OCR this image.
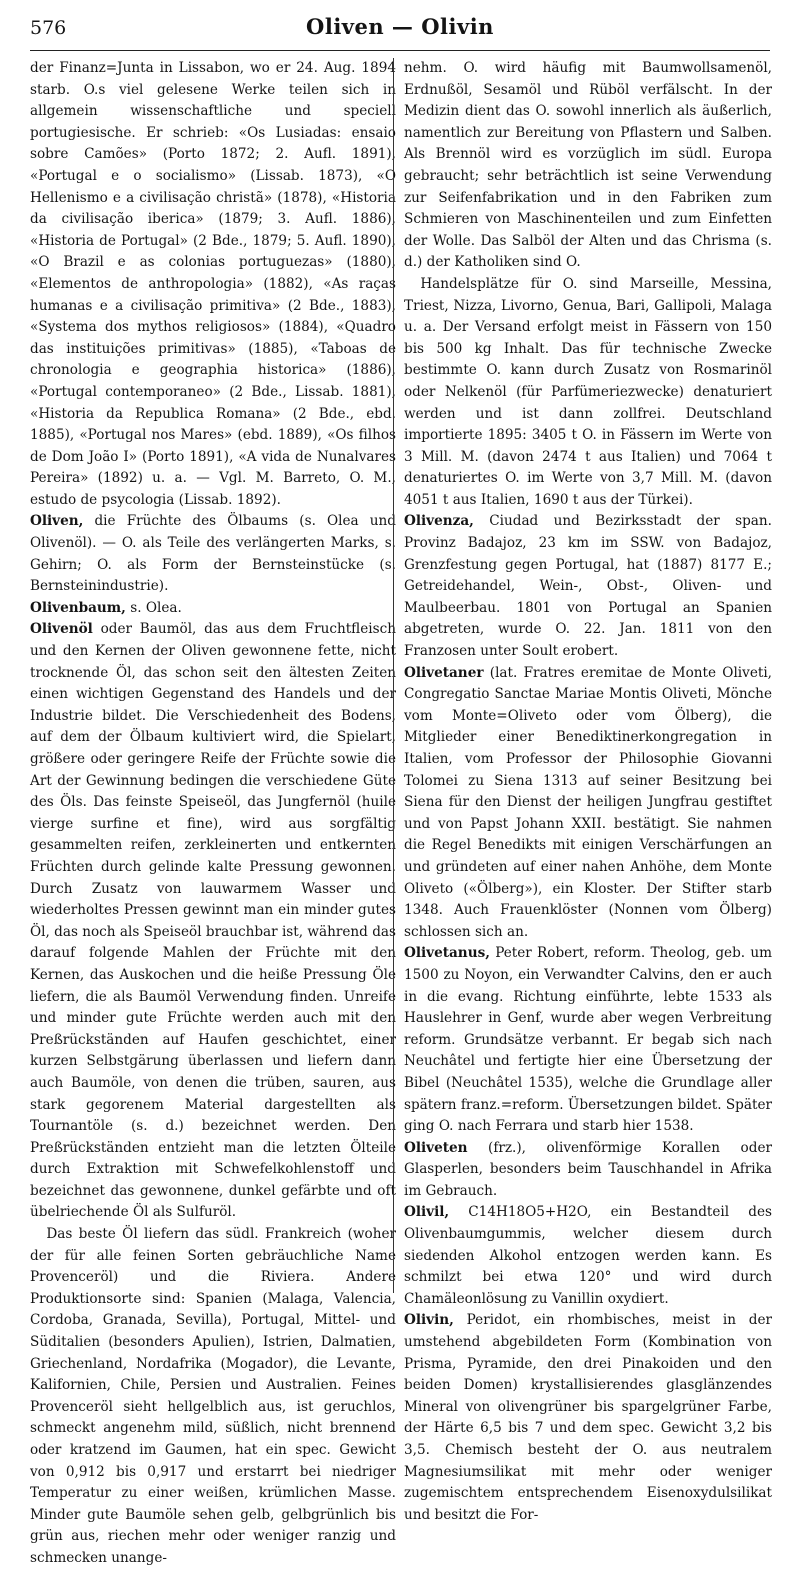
576	Oliven — Olivin

der Finanz=Junta in Lissabon, wo er 24. Aug. 1894 starb. O.s viel gelesene Werke teilen sich in allgemein wissenschaftliche und speciell portugiesische. Er schrieb: «Os Lusiadas: ensaio sobre Camões» (Porto 1872; 2. Aufl. 1891), «Portugal e o socialismo» (Lissab. 1873), «O Hellenismo e a civilisação christã» (1878), «Historia da civilisação iberica» (1879; 3. Aufl. 1886), «Historia de Portugal» (2 Bde., 1879; 5. Aufl. 1890), «O Brazil e as colonias portuguezas» (1880), «Elementos de anthropologia» (1882), «As raças humanas e a civilisação primitiva» (2 Bde., 1883), «Systema dos mythos religiosos» (1884), «Quadro das instituições primitivas» (1885), «Taboas de chronologia e geographia historica» (1886), «Portugal contemporaneo» (2 Bde., Lissab. 1881), «Historia da Republica Romana» (2 Bde., ebd. 1885), «Portugal nos Mares» (ebd. 1889), «Os filhos de Dom João I» (Porto 1891), «A vida de Nunalvares Pereira» (1892) u. a. — Vgl. M. Barreto, O. M., estudo de psycologia (Lissab. 1892).

Oliven, die Früchte des Ölbaums (s. Olea und Olivenöl). — O. als Teile des verlängerten Marks, s. Gehirn; O. als Form der Bernsteinstücke (s. Bernsteinindustrie).

Olivenbaum, s. Olea.

Olivenöl oder Baumöl, das aus dem Fruchtfleisch und den Kernen der Oliven gewonnene fette, nicht trocknende Öl, das schon seit den ältesten Zeiten einen wichtigen Gegenstand des Handels und der Industrie bildet. Die Verschiedenheit des Bodens, auf dem der Ölbaum kultiviert wird, die Spielart, größere oder geringere Reife der Früchte sowie die Art der Gewinnung bedingen die verschiedene Güte des Öls. Das feinste Speiseöl, das Jungfernöl (huile vierge surfine et fine), wird aus sorgfältig gesammelten reifen, zerkleinerten und entkernten Früchten durch gelinde kalte Pressung gewonnen. Durch Zusatz von lauwarmem Wasser und wiederholtes Pressen gewinnt man ein minder gutes Öl, das noch als Speiseöl brauchbar ist, während das darauf folgende Mahlen der Früchte mit den Kernen, das Auskochen und die heiße Pressung Öle liefern, die als Baumöl Verwendung finden. Unreife und minder gute Früchte werden auch mit den Preßrückständen auf Haufen geschichtet, einer kurzen Selbstgärung überlassen und liefern dann auch Baumöle, von denen die trüben, sauren, aus stark gegorenem Material dargestellten als Tournantöle (s. d.) bezeichnet werden. Den Preßrückständen entzieht man die letzten Ölteile durch Extraktion mit Schwefelkohlenstoff und bezeichnet das gewonnene, dunkel gefärbte und oft übelriechende Öl als Sulfuröl.

Das beste Öl liefern das südl. Frankreich (woher der für alle feinen Sorten gebräuchliche Name Provenceröl) und die Riviera. Andere Produktionsorte sind: Spanien (Malaga, Valencia, Cordoba, Granada, Sevilla), Portugal, Mittel- und Süditalien (besonders Apulien), Istrien, Dalmatien, Griechenland, Nordafrika (Mogador), die Levante, Kalifornien, Chile, Persien und Australien. Feines Provenceröl sieht hellgelblich aus, ist geruchlos, schmeckt angenehm mild, süßlich, nicht brennend oder kratzend im Gaumen, hat ein spec. Gewicht von 0,912 bis 0,917 und erstarrt bei niedriger Temperatur zu einer weißen, krümlichen Masse. Minder gute Baumöle sehen gelb, gelbgrünlich bis grün aus, riechen mehr oder weniger ranzig und schmecken unange-

nehm. O. wird häufig mit Baumwollsamenöl, Erdnußöl, Sesamöl und Rüböl verfälscht. In der Medizin dient das O. sowohl innerlich als äußerlich, namentlich zur Bereitung von Pflastern und Salben. Als Brennöl wird es vorzüglich im südl. Europa gebraucht; sehr beträchtlich ist seine Verwendung zur Seifenfabrikation und in den Fabriken zum Schmieren von Maschinenteilen und zum Einfetten der Wolle. Das Salböl der Alten und das Chrisma (s. d.) der Katholiken sind O.

Handelsplätze für O. sind Marseille, Messina, Triest, Nizza, Livorno, Genua, Bari, Gallipoli, Malaga u. a. Der Versand erfolgt meist in Fässern von 150 bis 500 kg Inhalt. Das für technische Zwecke bestimmte O. kann durch Zusatz von Rosmarinöl oder Nelkenöl (für Parfümeriezwecke) denaturiert werden und ist dann zollfrei. Deutschland importierte 1895: 3405 t O. in Fässern im Werte von 3 Mill. M. (davon 2474 t aus Italien) und 7064 t denaturiertes O. im Werte von 3,7 Mill. M. (davon 4051 t aus Italien, 1690 t aus der Türkei).

Olivenza, Ciudad und Bezirksstadt der span. Provinz Badajoz, 23 km im SSW. von Badajoz, Grenzfestung gegen Portugal, hat (1887) 8177 E.; Getreidehandel, Wein-, Obst-, Oliven- und Maulbeerbau. 1801 von Portugal an Spanien abgetreten, wurde O. 22. Jan. 1811 von den Franzosen unter Soult erobert.

Olivetaner (lat. Fratres eremitae de Monte Oliveti, Congregatio Sanctae Mariae Montis Oliveti, Mönche vom Monte=Oliveto oder vom Ölberg), die Mitglieder einer Benediktinerkongregation in Italien, vom Professor der Philosophie Giovanni Tolomei zu Siena 1313 auf seiner Besitzung bei Siena für den Dienst der heiligen Jungfrau gestiftet und von Papst Johann XXII. bestätigt. Sie nahmen die Regel Benedikts mit einigen Verschärfungen an und gründeten auf einer nahen Anhöhe, dem Monte Oliveto («Ölberg»), ein Kloster. Der Stifter starb 1348. Auch Frauenklöster (Nonnen vom Ölberg) schlossen sich an.

Olivetanus, Peter Robert, reform. Theolog, geb. um 1500 zu Noyon, ein Verwandter Calvins, den er auch in die evang. Richtung einführte, lebte 1533 als Hauslehrer in Genf, wurde aber wegen Verbreitung reform. Grundsätze verbannt. Er begab sich nach Neuchâtel und fertigte hier eine Übersetzung der Bibel (Neuchâtel 1535), welche die Grundlage aller spätern franz.=reform. Übersetzungen bildet. Später ging O. nach Ferrara und starb hier 1538.

Oliveten (frz.), olivenförmige Korallen oder Glasperlen, besonders beim Tauschhandel in Afrika im Gebrauch.

Olivil, C14H18O5+H2O, ein Bestandteil des Olivenbaumgummis, welcher diesem durch siedenden Alkohol entzogen werden kann. Es schmilzt bei etwa 120° und wird durch Chamäleonlösung zu Vanillin oxydiert.

Olivin, Peridot, ein rhombisches, meist in der umstehend abgebildeten Form (Kombination von Prisma, Pyramide, den drei Pinakoiden und den beiden Domen) krystallisierendes glasglänzendes Mineral von olivengrüner bis spargelgrüner Farbe, der Härte 6,5 bis 7 und dem spec. Gewicht 3,2 bis 3,5. Chemisch besteht der O. aus neutralem Magnesiumsilikat mit mehr oder weniger zugemischtem entsprechendem Eisenoxydulsilikat und besitzt die For-
